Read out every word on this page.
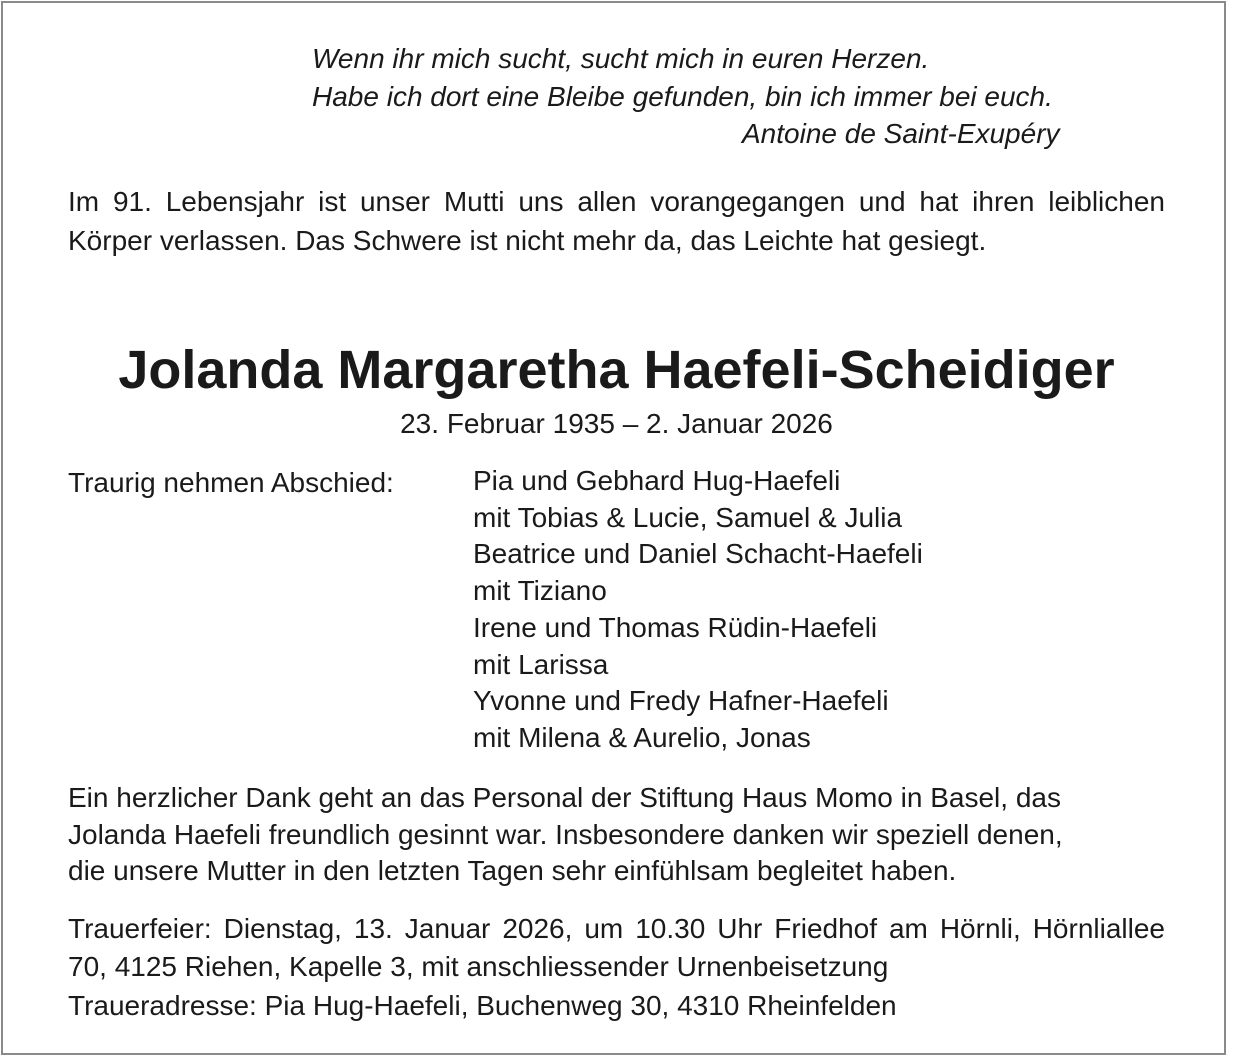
Wenn ihr mich sucht, sucht mich in euren Herzen.
Habe ich dort eine Bleibe gefunden, bin ich immer bei euch.
Antoine de Saint-Exupéry
Im 91. Lebensjahr ist unser Mutti uns allen vorangegangen und hat ihren leiblichen Körper verlassen. Das Schwere ist nicht mehr da, das Leichte hat gesiegt.
Jolanda Margaretha Haefeli-Scheidiger
23. Februar 1935 – 2. Januar 2026
Traurig nehmen Abschied:	Pia und Gebhard Hug-Haefeli
mit Tobias & Lucie, Samuel & Julia
Beatrice und Daniel Schacht-Haefeli
mit Tiziano
Irene und Thomas Rüdin-Haefeli
mit Larissa
Yvonne und Fredy Hafner-Haefeli
mit Milena & Aurelio, Jonas
Ein herzlicher Dank geht an das Personal der Stiftung Haus Momo in Basel, das
Jolanda Haefeli freundlich gesinnt war. Insbesondere danken wir speziell denen,
die unsere Mutter in den letzten Tagen sehr einfühlsam begleitet haben.
Trauerfeier: Dienstag, 13. Januar 2026, um 10.30 Uhr Friedhof am Hörnli, Hörnliallee 70, 4125 Riehen, Kapelle 3, mit anschliessender Urnenbeisetzung
Traueradresse: Pia Hug-Haefeli, Buchenweg 30, 4310 Rheinfelden
